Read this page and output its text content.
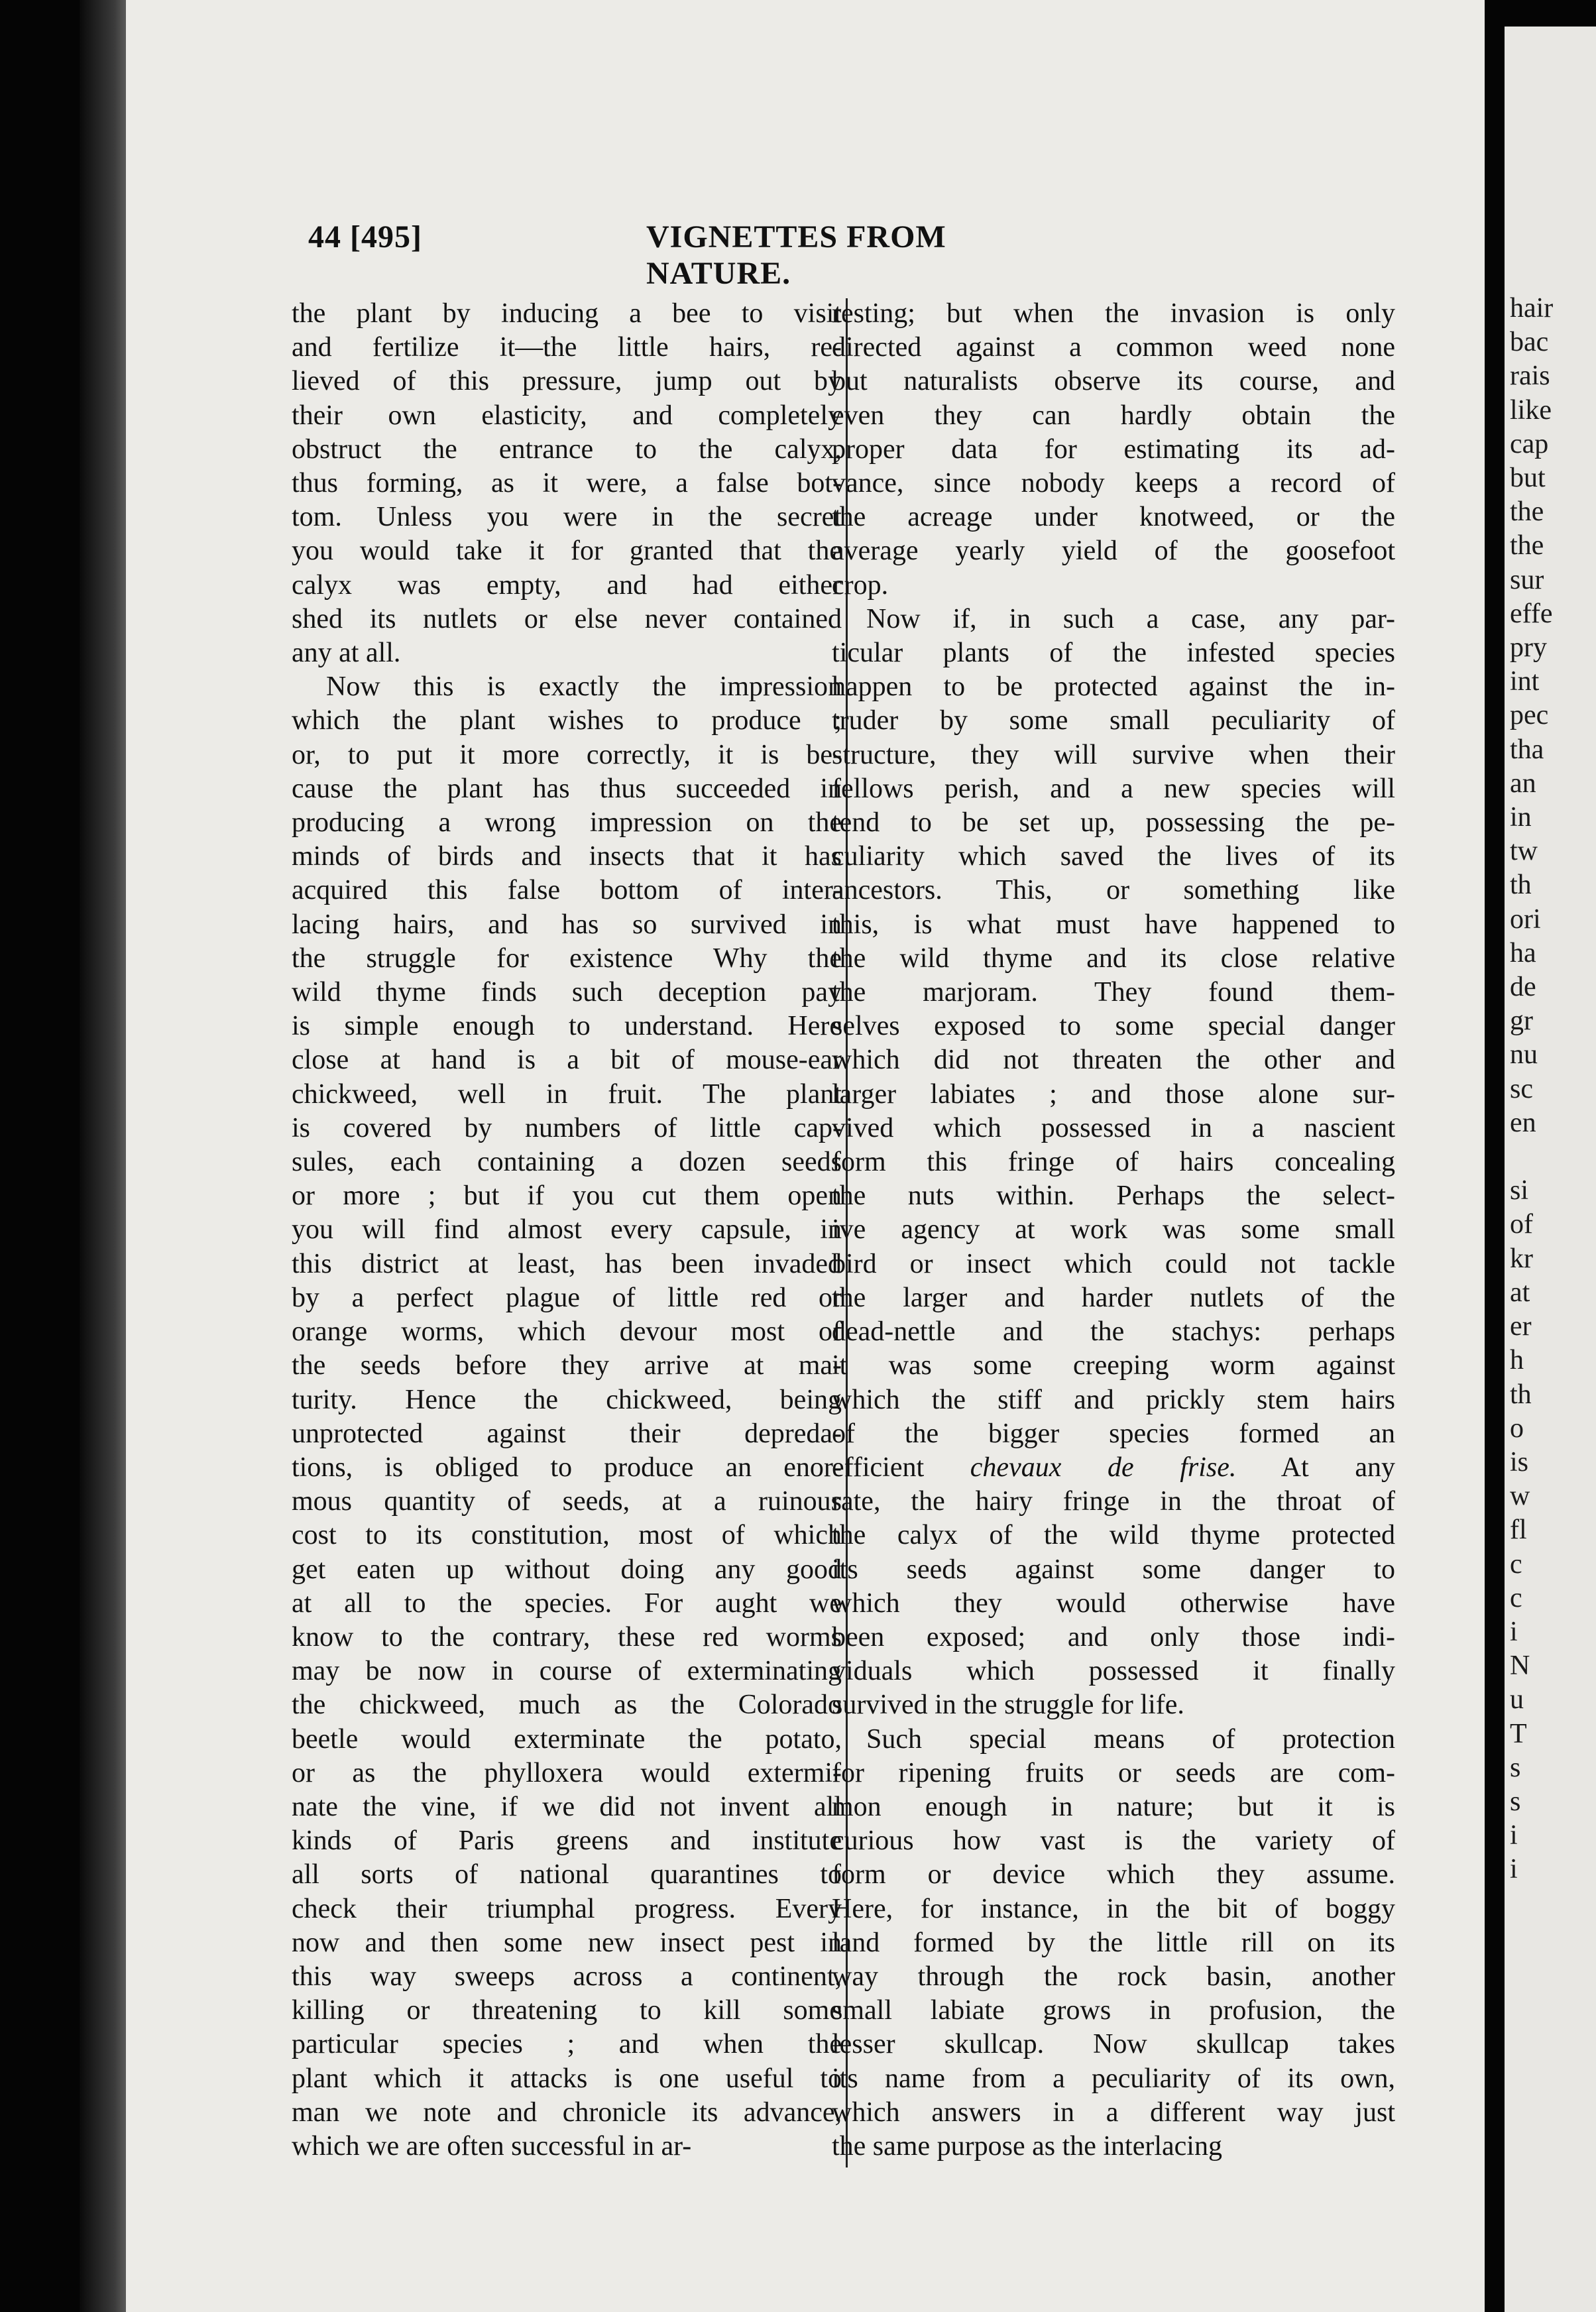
hair
bac
rais
like
cap
but
the
the
sur
effe
pry
int
pec
tha
an
in
tw
th
ori
ha
de
gr
nu
sc
en

si
of
kr
at
er
h
th
o
is
w
fl
c
c
i
N
u
T
s
s
i
i
44 [495]	VIGNETTES FROM NATURE.
the plant by inducing a bee to visit
and fertilize it—the little hairs, re-
lieved of this pressure, jump out by
their own elasticity, and completely
obstruct the entrance to the calyx,
thus forming, as it were, a false bot-
tom. Unless you were in the secret
you would take it for granted that the
calyx was empty, and had either
shed its nutlets or else never contained
any at all.
Now this is exactly the impression
which the plant wishes to produce ;
or, to put it more correctly, it is be-
cause the plant has thus succeeded in
producing a wrong impression on the
minds of birds and insects that it has
acquired this false bottom of inter-
lacing hairs, and has so survived in
the struggle for existence Why the
wild thyme finds such deception pay
is simple enough to understand. Here
close at hand is a bit of mouse-ear
chickweed, well in fruit. The plant
is covered by numbers of little cap-
sules, each containing a dozen seeds
or more ; but if you cut them open
you will find almost every capsule, in
this district at least, has been invaded
by a perfect plague of little red or
orange worms, which devour most of
the seeds before they arrive at ma-
turity. Hence the chickweed, being
unprotected against their depreda-
tions, is obliged to produce an enor-
mous quantity of seeds, at a ruinous
cost to its constitution, most of which
get eaten up without doing any good
at all to the species. For aught we
know to the contrary, these red worms
may be now in course of exterminating
the chickweed, much as the Colorado
beetle would exterminate the potato,
or as the phylloxera would extermi-
nate the vine, if we did not invent all
kinds of Paris greens and institute
all sorts of national quarantines to
check their triumphal progress. Every
now and then some new insect pest in
this way sweeps across a continent,
killing or threatening to kill some
particular species ; and when the
plant which it attacks is one useful to
man we note and chronicle its advance,
which we are often successful in ar-
resting; but when the invasion is only
directed against a common weed none
but naturalists observe its course, and
even they can hardly obtain the
proper data for estimating its ad-
vance, since nobody keeps a record of
the acreage under knotweed, or the
average yearly yield of the goosefoot
crop.
Now if, in such a case, any par-
ticular plants of the infested species
happen to be protected against the in-
truder by some small peculiarity of
structure, they will survive when their
fellows perish, and a new species will
tend to be set up, possessing the pe-
culiarity which saved the lives of its
ancestors. This, or something like
this, is what must have happened to
the wild thyme and its close relative
the marjoram. They found them-
selves exposed to some special danger
which did not threaten the other and
larger labiates ; and those alone sur-
vived which possessed in a nascient
form this fringe of hairs concealing
the nuts within. Perhaps the select-
ive agency at work was some small
bird or insect which could not tackle
the larger and harder nutlets of the
dead-nettle and the stachys: perhaps
it was some creeping worm against
which the stiff and prickly stem hairs
of the bigger species formed an
efficient chevaux de frise. At any
rate, the hairy fringe in the throat of
the calyx of the wild thyme protected
its seeds against some danger to
which they would otherwise have
been exposed; and only those indi-
viduals which possessed it finally
survived in the struggle for life.
Such special means of protection
for ripening fruits or seeds are com-
mon enough in nature; but it is
curious how vast is the variety of
form or device which they assume.
Here, for instance, in the bit of boggy
land formed by the little rill on its
way through the rock basin, another
small labiate grows in profusion, the
lesser skullcap. Now skullcap takes
its name from a peculiarity of its own,
which answers in a different way just
the same purpose as the interlacing
